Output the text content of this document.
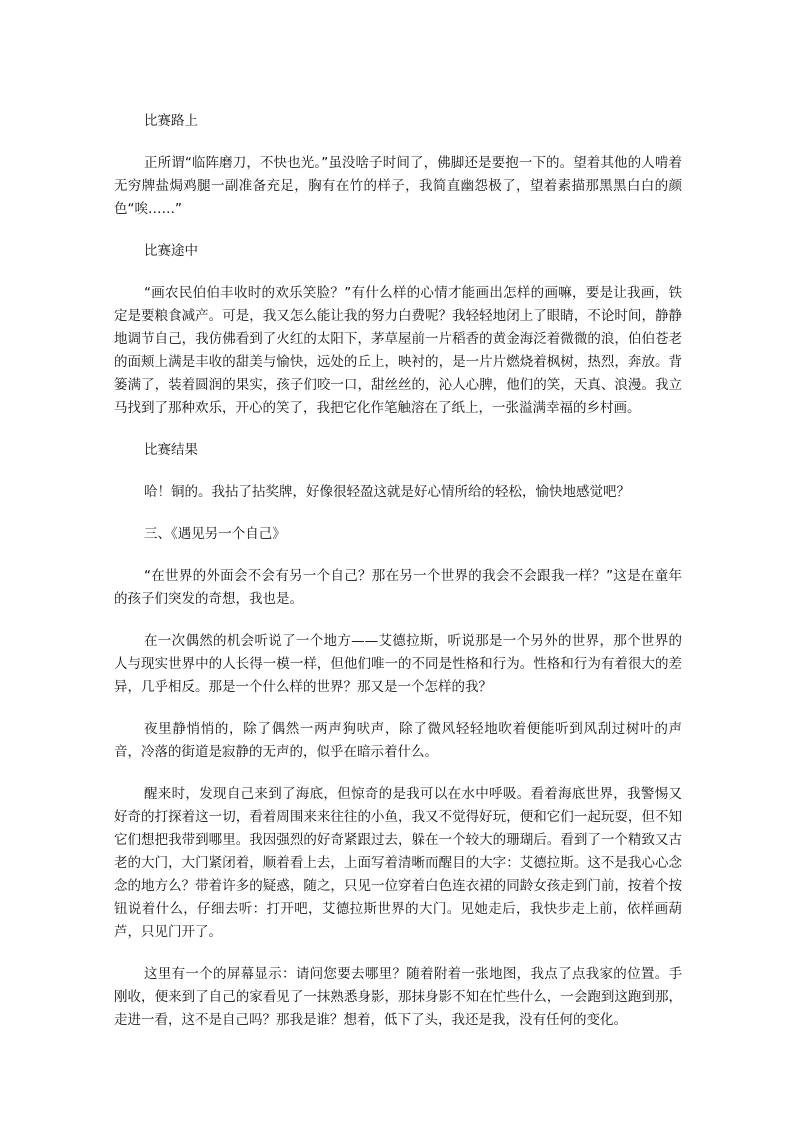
比赛路上

正所谓“临阵磨刀，不快也光。”虽没啥子时间了，佛脚还是要抱一下的。望着其他的人啃着无穷牌盐焗鸡腿一副准备充足，胸有在竹的样子，我简直幽怨极了，望着素描那黑黑白白的颜色“唉……”

比赛途中

“画农民伯伯丰收时的欢乐笑脸？”有什么样的心情才能画出怎样的画嘛，要是让我画，铁定是要粮食减产。可是，我又怎么能让我的努力白费呢？我轻轻地闭上了眼睛，不论时间，静静地调节自己，我仿佛看到了火红的太阳下，茅草屋前一片稻香的黄金海泛着微微的浪，伯伯苍老的面颊上满是丰收的甜美与愉快，远处的丘上，映衬的，是一片片燃烧着枫树，热烈，奔放。背篓满了，装着圆润的果实，孩子们咬一口，甜丝丝的，沁人心脾，他们的笑，天真、浪漫。我立马找到了那种欢乐，开心的笑了，我把它化作笔触溶在了纸上，一张溢满幸福的乡村画。

比赛结果

哈！铜的。我拈了拈奖牌，好像很轻盈这就是好心情所给的轻松，愉快地感觉吧？

三、《遇见另一个自己》

“在世界的外面会不会有另一个自己？那在另一个世界的我会不会跟我一样？”这是在童年的孩子们突发的奇想，我也是。

在一次偶然的机会听说了一个地方——艾德拉斯，听说那是一个另外的世界，那个世界的人与现实世界中的人长得一模一样，但他们唯一的不同是性格和行为。性格和行为有着很大的差异，几乎相反。那是一个什么样的世界？那又是一个怎样的我？

夜里静悄悄的，除了偶然一两声狗吠声，除了微风轻轻地吹着便能听到风刮过树叶的声音，冷落的街道是寂静的无声的，似乎在暗示着什么。

醒来时，发现自己来到了海底，但惊奇的是我可以在水中呼吸。看着海底世界，我警惕又好奇的打探着这一切，看着周围来来往往的小鱼，我又不觉得好玩，便和它们一起玩耍，但不知它们想把我带到哪里。我因强烈的好奇紧跟过去，躲在一个较大的珊瑚后。看到了一个精致又古老的大门，大门紧闭着，顺着看上去，上面写着清晰而醒目的大字：艾德拉斯。这不是我心心念念的地方么？带着许多的疑惑，随之，只见一位穿着白色连衣裙的同龄女孩走到门前，按着个按钮说着什么，仔细去听：打开吧，艾德拉斯世界的大门。见她走后，我快步走上前，依样画葫芦，只见门开了。

这里有一个的屏幕显示：请问您要去哪里？随着附着一张地图，我点了点我家的位置。手刚收，便来到了自己的家看见了一抹熟悉身影，那抹身影不知在忙些什么，一会跑到这跑到那，走进一看，这不是自己吗？那我是谁？想着，低下了头，我还是我，没有任何的变化。
